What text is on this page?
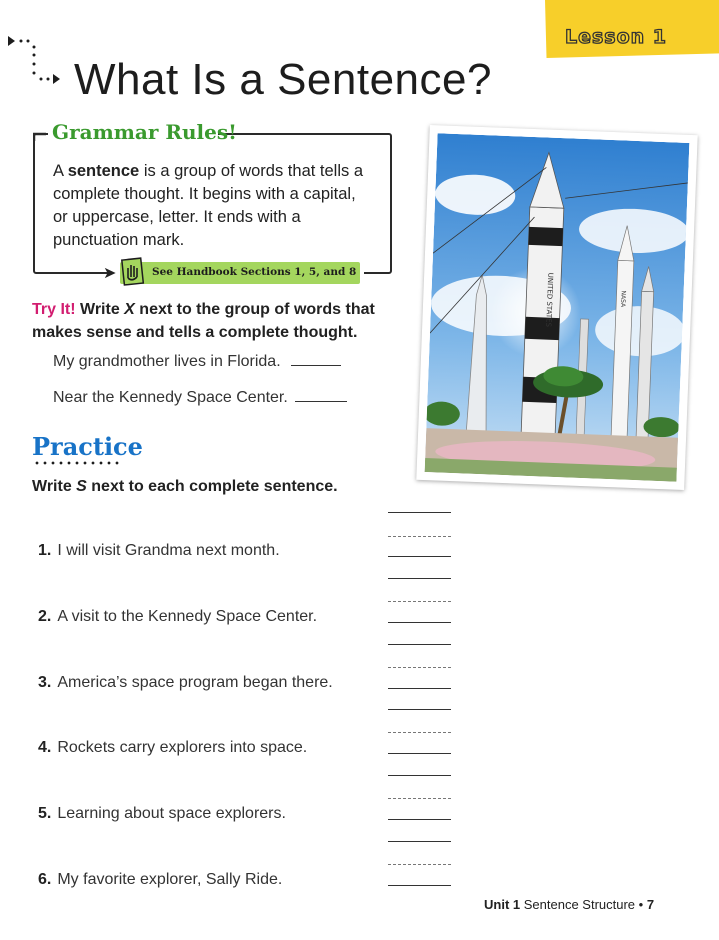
Lesson 1
What Is a Sentence?
Grammar Rules!
A sentence is a group of words that tells a complete thought. It begins with a capital, or uppercase, letter. It ends with a punctuation mark.
➤	See Handbook Sections 1, 5, and 8
Try It! Write X next to the group of words that makes sense and tells a complete thought.
My grandmother lives in Florida.
Near the Kennedy Space Center.
Practice
Write S next to each complete sentence.
1. I will visit Grandma next month.
2. A visit to the Kennedy Space Center.
3. America’s space program began there.
4. Rockets carry explorers into space.
5. Learning about space explorers.
6. My favorite explorer, Sally Ride.
UNITED STATES	NASA
Unit 1 Sentence Structure • 7
